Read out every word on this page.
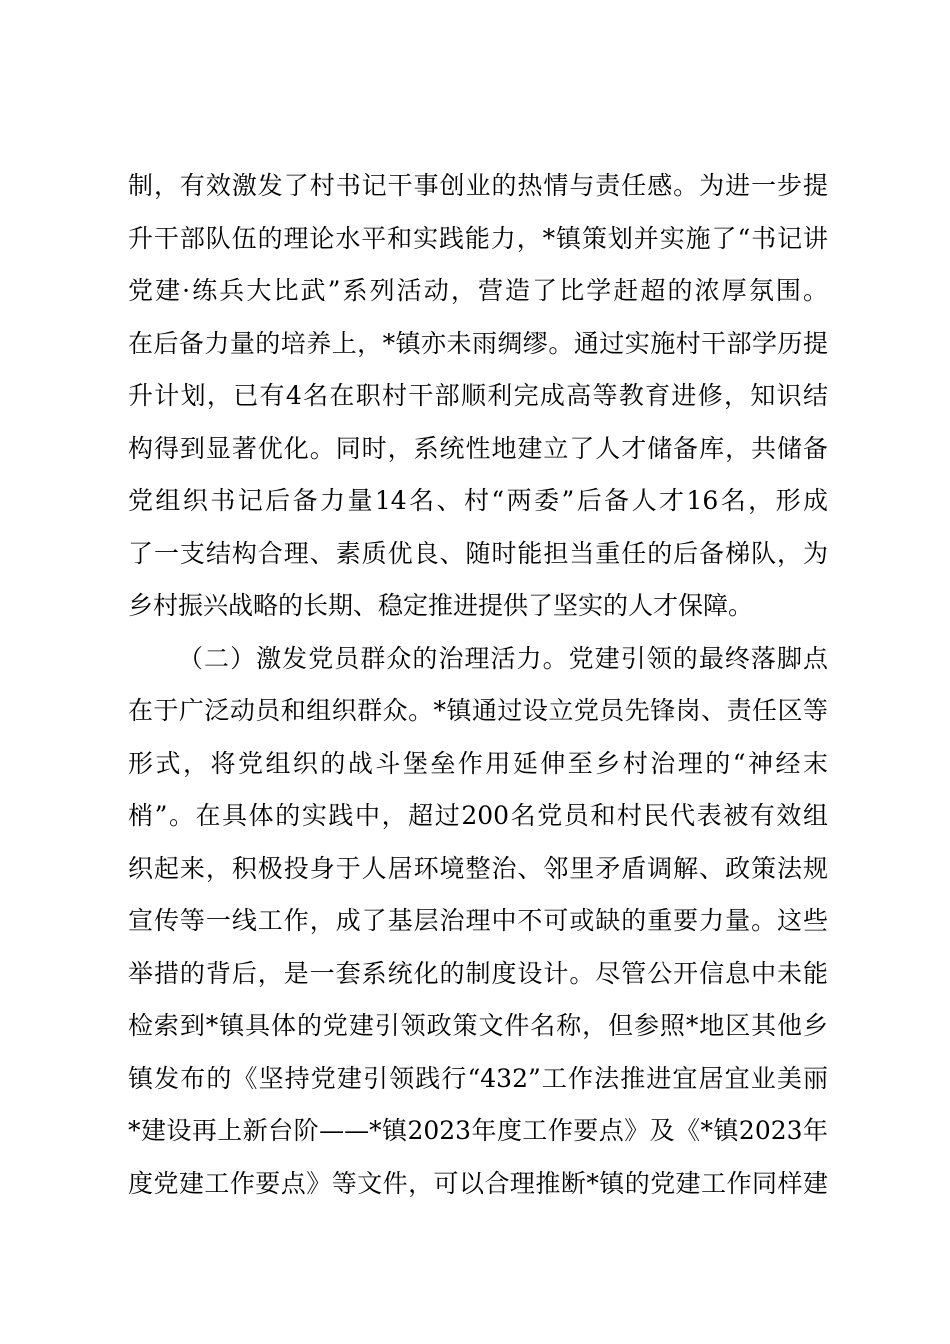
制，有效激发了村书记干事创业的热情与责任感。为进一步提
升干部队伍的理论水平和实践能力，*镇策划并实施了“书记讲
党建·练兵大比武”系列活动，营造了比学赶超的浓厚氛围。
在后备力量的培养上，*镇亦未雨绸缪。通过实施村干部学历提
升计划，已有4名在职村干部顺利完成高等教育进修，知识结
构得到显著优化。同时，系统性地建立了人才储备库，共储备
党组织书记后备力量14名、村“两委”后备人才16名，形成
了一支结构合理、素质优良、随时能担当重任的后备梯队，为
乡村振兴战略的长期、稳定推进提供了坚实的人才保障。
（二）激发党员群众的治理活力。党建引领的最终落脚点
在于广泛动员和组织群众。*镇通过设立党员先锋岗、责任区等
形式，将党组织的战斗堡垒作用延伸至乡村治理的“神经末
梢”。在具体的实践中，超过200名党员和村民代表被有效组
织起来，积极投身于人居环境整治、邻里矛盾调解、政策法规
宣传等一线工作，成了基层治理中不可或缺的重要力量。这些
举措的背后，是一套系统化的制度设计。尽管公开信息中未能
检索到*镇具体的党建引领政策文件名称，但参照*地区其他乡
镇发布的《坚持党建引领践行“432”工作法推进宜居宜业美丽
*建设再上新台阶——*镇2023年度工作要点》及《*镇2023年
度党建工作要点》等文件，可以合理推断*镇的党建工作同样建
